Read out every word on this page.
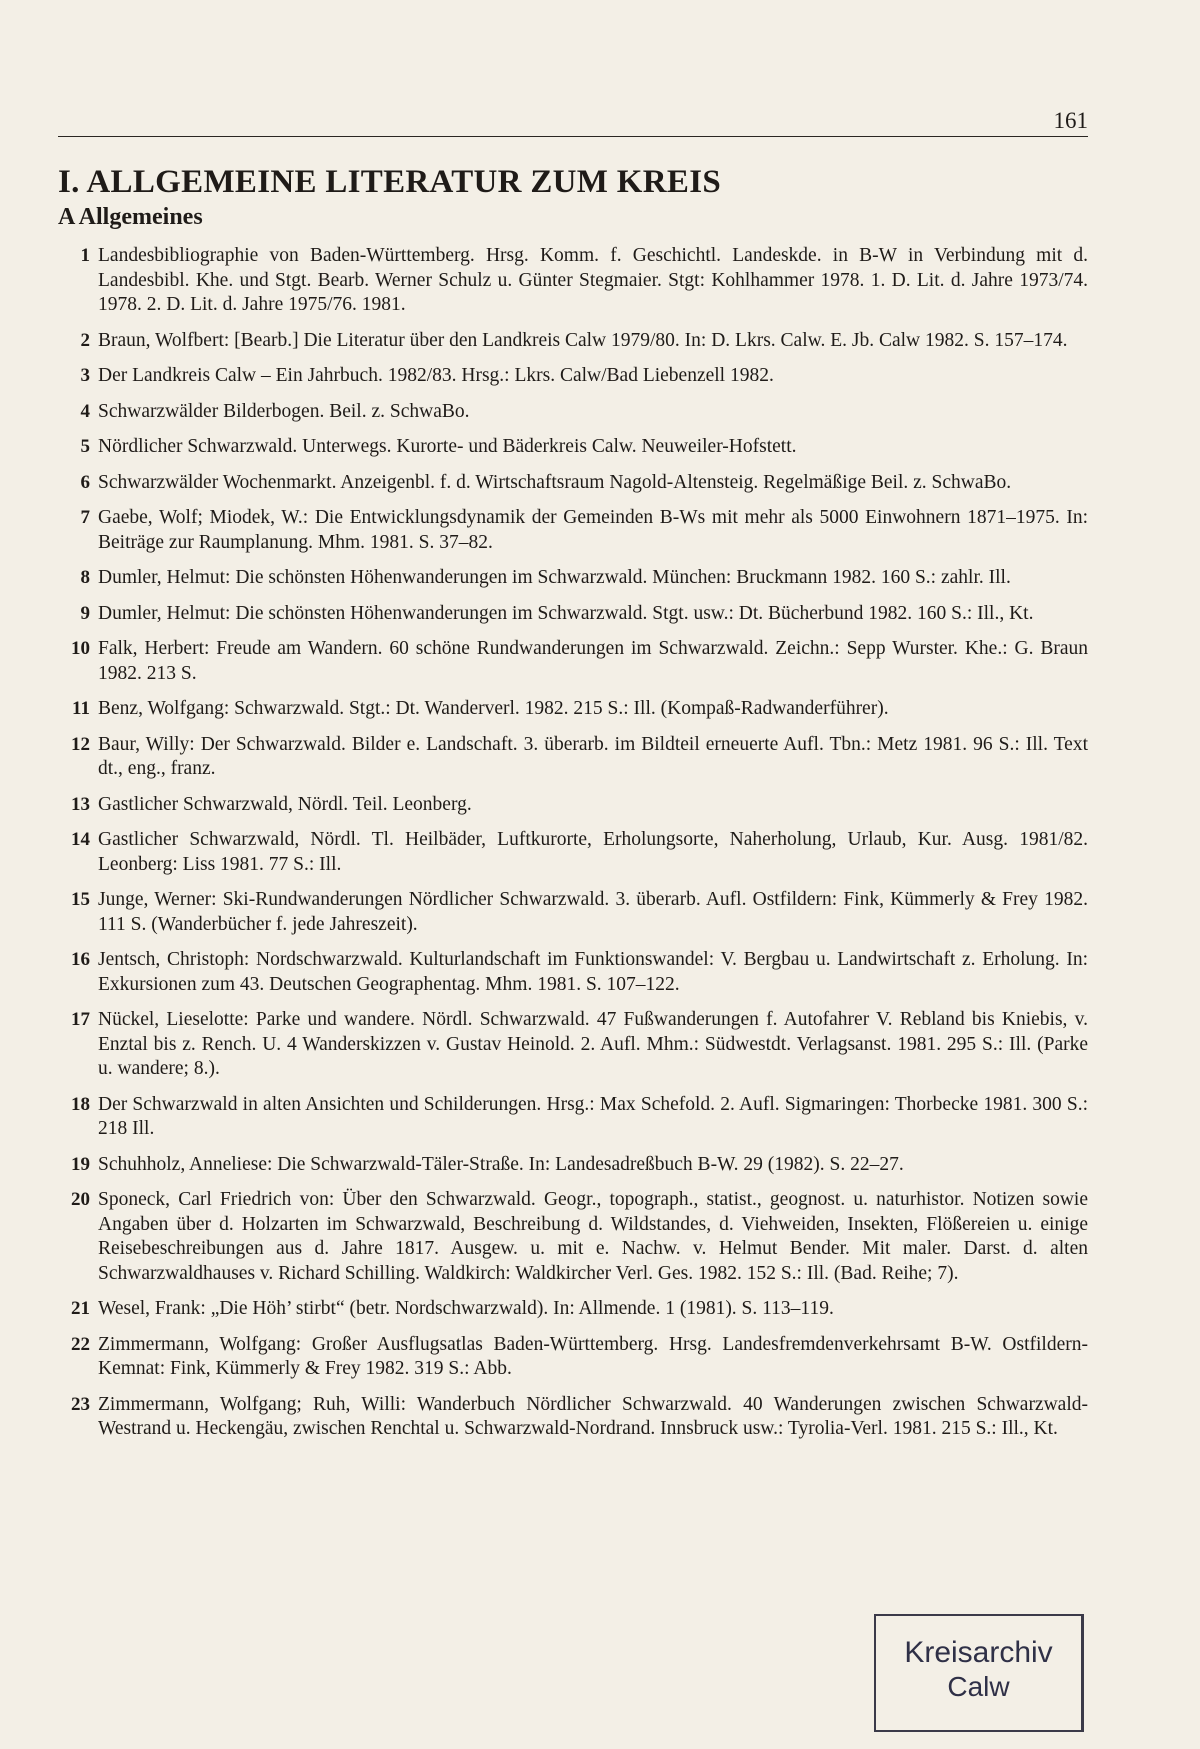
161
I. ALLGEMEINE LITERATUR ZUM KREIS
A Allgemeines
1 Landesbibliographie von Baden-Württemberg. Hrsg. Komm. f. Geschichtl. Landeskde. in B-W in Verbindung mit d. Landesbibl. Khe. und Stgt. Bearb. Werner Schulz u. Günter Stegmaier. Stgt: Kohlhammer 1978. 1. D. Lit. d. Jahre 1973/74. 1978. 2. D. Lit. d. Jahre 1975/76. 1981.
2 Braun, Wolfbert: [Bearb.] Die Literatur über den Landkreis Calw 1979/80. In: D. Lkrs. Calw. E. Jb. Calw 1982. S. 157–174.
3 Der Landkreis Calw – Ein Jahrbuch. 1982/83. Hrsg.: Lkrs. Calw/Bad Liebenzell 1982.
4 Schwarzwälder Bilderbogen. Beil. z. SchwaBo.
5 Nördlicher Schwarzwald. Unterwegs. Kurorte- und Bäderkreis Calw. Neuweiler-Hofstett.
6 Schwarzwälder Wochenmarkt. Anzeigenbl. f. d. Wirtschaftsraum Nagold-Altensteig. Regelmäßige Beil. z. SchwaBo.
7 Gaebe, Wolf; Miodek, W.: Die Entwicklungsdynamik der Gemeinden B-Ws mit mehr als 5000 Einwohnern 1871–1975. In: Beiträge zur Raumplanung. Mhm. 1981. S. 37–82.
8 Dumler, Helmut: Die schönsten Höhenwanderungen im Schwarzwald. München: Bruckmann 1982. 160 S.: zahlr. Ill.
9 Dumler, Helmut: Die schönsten Höhenwanderungen im Schwarzwald. Stgt. usw.: Dt. Bücherbund 1982. 160 S.: Ill., Kt.
10 Falk, Herbert: Freude am Wandern. 60 schöne Rundwanderungen im Schwarzwald. Zeichn.: Sepp Wurster. Khe.: G. Braun 1982. 213 S.
11 Benz, Wolfgang: Schwarzwald. Stgt.: Dt. Wanderverl. 1982. 215 S.: Ill. (Kompaß-Radwanderführer).
12 Baur, Willy: Der Schwarzwald. Bilder e. Landschaft. 3. überarb. im Bildteil erneuerte Aufl. Tbn.: Metz 1981. 96 S.: Ill. Text dt., eng., franz.
13 Gastlicher Schwarzwald, Nördl. Teil. Leonberg.
14 Gastlicher Schwarzwald, Nördl. Tl. Heilbäder, Luftkurorte, Erholungsorte, Naherholung, Urlaub, Kur. Ausg. 1981/82. Leonberg: Liss 1981. 77 S.: Ill.
15 Junge, Werner: Ski-Rundwanderungen Nördlicher Schwarzwald. 3. überarb. Aufl. Ostfildern: Fink, Kümmerly & Frey 1982. 111 S. (Wanderbücher f. jede Jahreszeit).
16 Jentsch, Christoph: Nordschwarzwald. Kulturlandschaft im Funktionswandel: V. Bergbau u. Landwirtschaft z. Erholung. In: Exkursionen zum 43. Deutschen Geographentag. Mhm. 1981. S. 107–122.
17 Nückel, Lieselotte: Parke und wandere. Nördl. Schwarzwald. 47 Fußwanderungen f. Autofahrer V. Rebland bis Kniebis, v. Enztal bis z. Rench. U. 4 Wanderskizzen v. Gustav Heinold. 2. Aufl. Mhm.: Südwestdt. Verlagsanst. 1981. 295 S.: Ill. (Parke u. wandere; 8.).
18 Der Schwarzwald in alten Ansichten und Schilderungen. Hrsg.: Max Schefold. 2. Aufl. Sigmaringen: Thorbecke 1981. 300 S.: 218 Ill.
19 Schuhholz, Anneliese: Die Schwarzwald-Täler-Straße. In: Landesadreßbuch B-W. 29 (1982). S. 22–27.
20 Sponeck, Carl Friedrich von: Über den Schwarzwald. Geogr., topograph., statist., geognost. u. naturhistor. Notizen sowie Angaben über d. Holzarten im Schwarzwald, Beschreibung d. Wildstandes, d. Viehweiden, Insekten, Flößereien u. einige Reisebeschreibungen aus d. Jahre 1817. Ausgew. u. mit e. Nachw. v. Helmut Bender. Mit maler. Darst. d. alten Schwarzwaldhauses v. Richard Schilling. Waldkirch: Waldkircher Verl. Ges. 1982. 152 S.: Ill. (Bad. Reihe; 7).
21 Wesel, Frank: „Die Höh’ stirbt“ (betr. Nordschwarzwald). In: Allmende. 1 (1981). S. 113–119.
22 Zimmermann, Wolfgang: Großer Ausflugsatlas Baden-Württemberg. Hrsg. Landesfremdenverkehrsamt B-W. Ostfildern-Kemnat: Fink, Kümmerly & Frey 1982. 319 S.: Abb.
23 Zimmermann, Wolfgang; Ruh, Willi: Wanderbuch Nördlicher Schwarzwald. 40 Wanderungen zwischen Schwarzwald-Westrand u. Heckengäu, zwischen Renchtal u. Schwarzwald-Nordrand. Innsbruck usw.: Tyrolia-Verl. 1981. 215 S.: Ill., Kt.
Kreisarchiv
Calw
